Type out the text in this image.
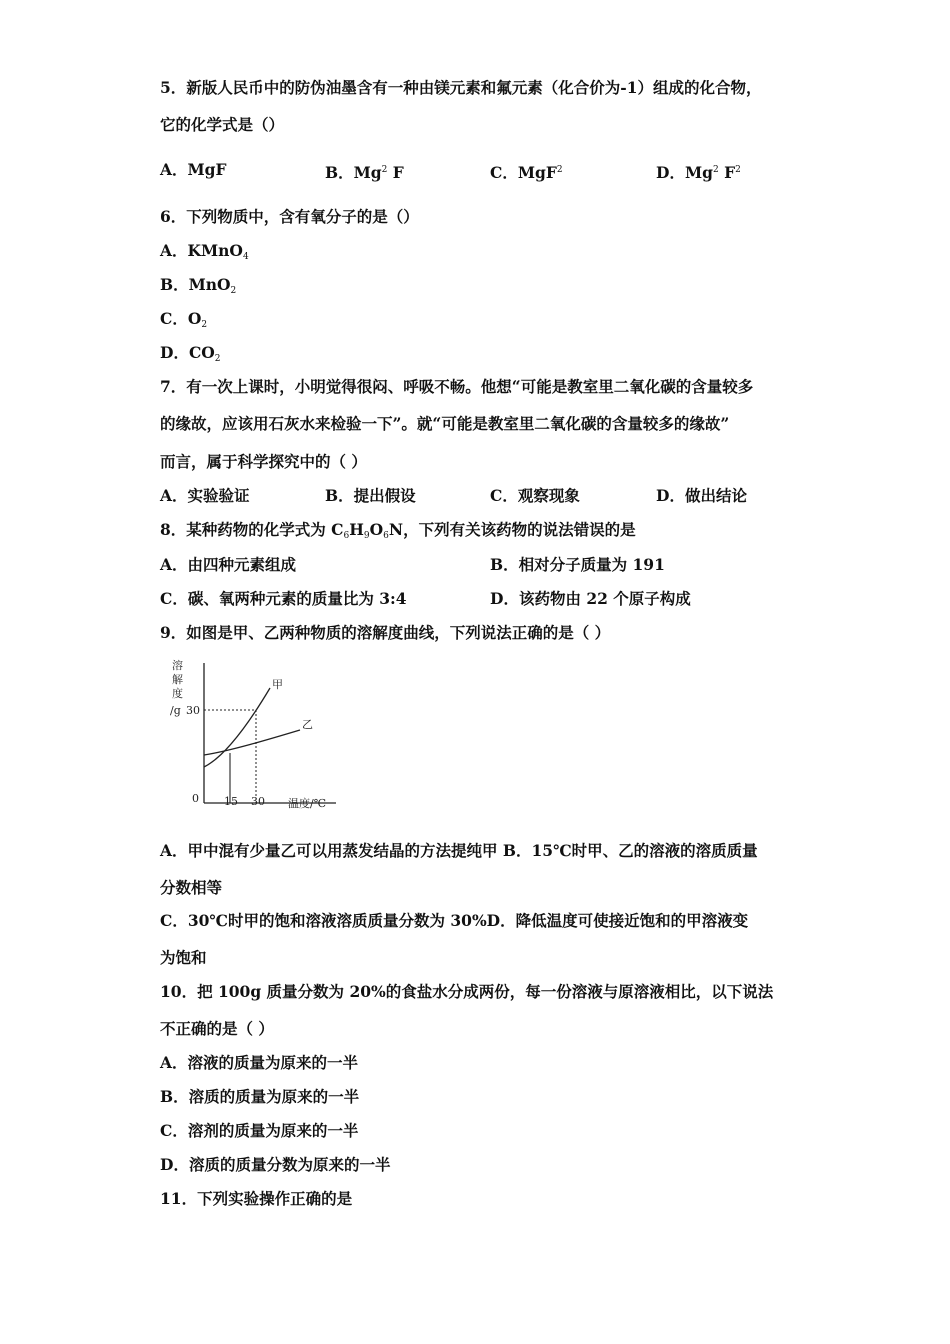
5．新版人民币中的防伪油墨含有一种由镁元素和氟元素（化合价为-1）组成的化合物，
它的化学式是（）
A．MgF	B．Mg$^2$ F	C．MgF$^2$	D．Mg$^2$ $F^2$
6．下列物质中，含有氧分子的是（）
A．KMnO$_4$
B．MnO$_2$
C．$O_2$
D．$CO_2$
7．有一次上课时，小明觉得很闷、呼吸不畅。他想“可能是教室里二氧化碳的含量较多
的缘故，应该用石灰水来检验一下”。就“可能是教室里二氧化碳的含量较多的缘故”
而言，属于科学探究中的（ ）
A．实验验证	B．提出假设	C．观察现象	D．做出结论
8．某种药物的化学式为 $C_6H_9O_6N$，下列有关该药物的说法错误的是
A．由四种元素组成	B．相对分子质量为 191
C．碳、氧两种元素的质量比为 3:4	D．该药物由 22 个原子构成
9．如图是甲、乙两种物质的溶解度曲线，下列说法正确的是（ ）
溶
解
度
/g 30
0 15 30 温度/℃
甲
乙
A．甲中混有少量乙可以用蒸发结晶的方法提纯甲 B．15℃时甲、乙的溶液的溶质质量
分数相等
C．30℃时甲的饱和溶液溶质质量分数为 30%D．降低温度可使接近饱和的甲溶液变
为饱和
10．把 100g 质量分数为 20%的食盐水分成两份，每一份溶液与原溶液相比，以下说法
不正确的是（ ）
A．溶液的质量为原来的一半
B．溶质的质量为原来的一半
C．溶剂的质量为原来的一半
D．溶质的质量分数为原来的一半
11．下列实验操作正确的是
